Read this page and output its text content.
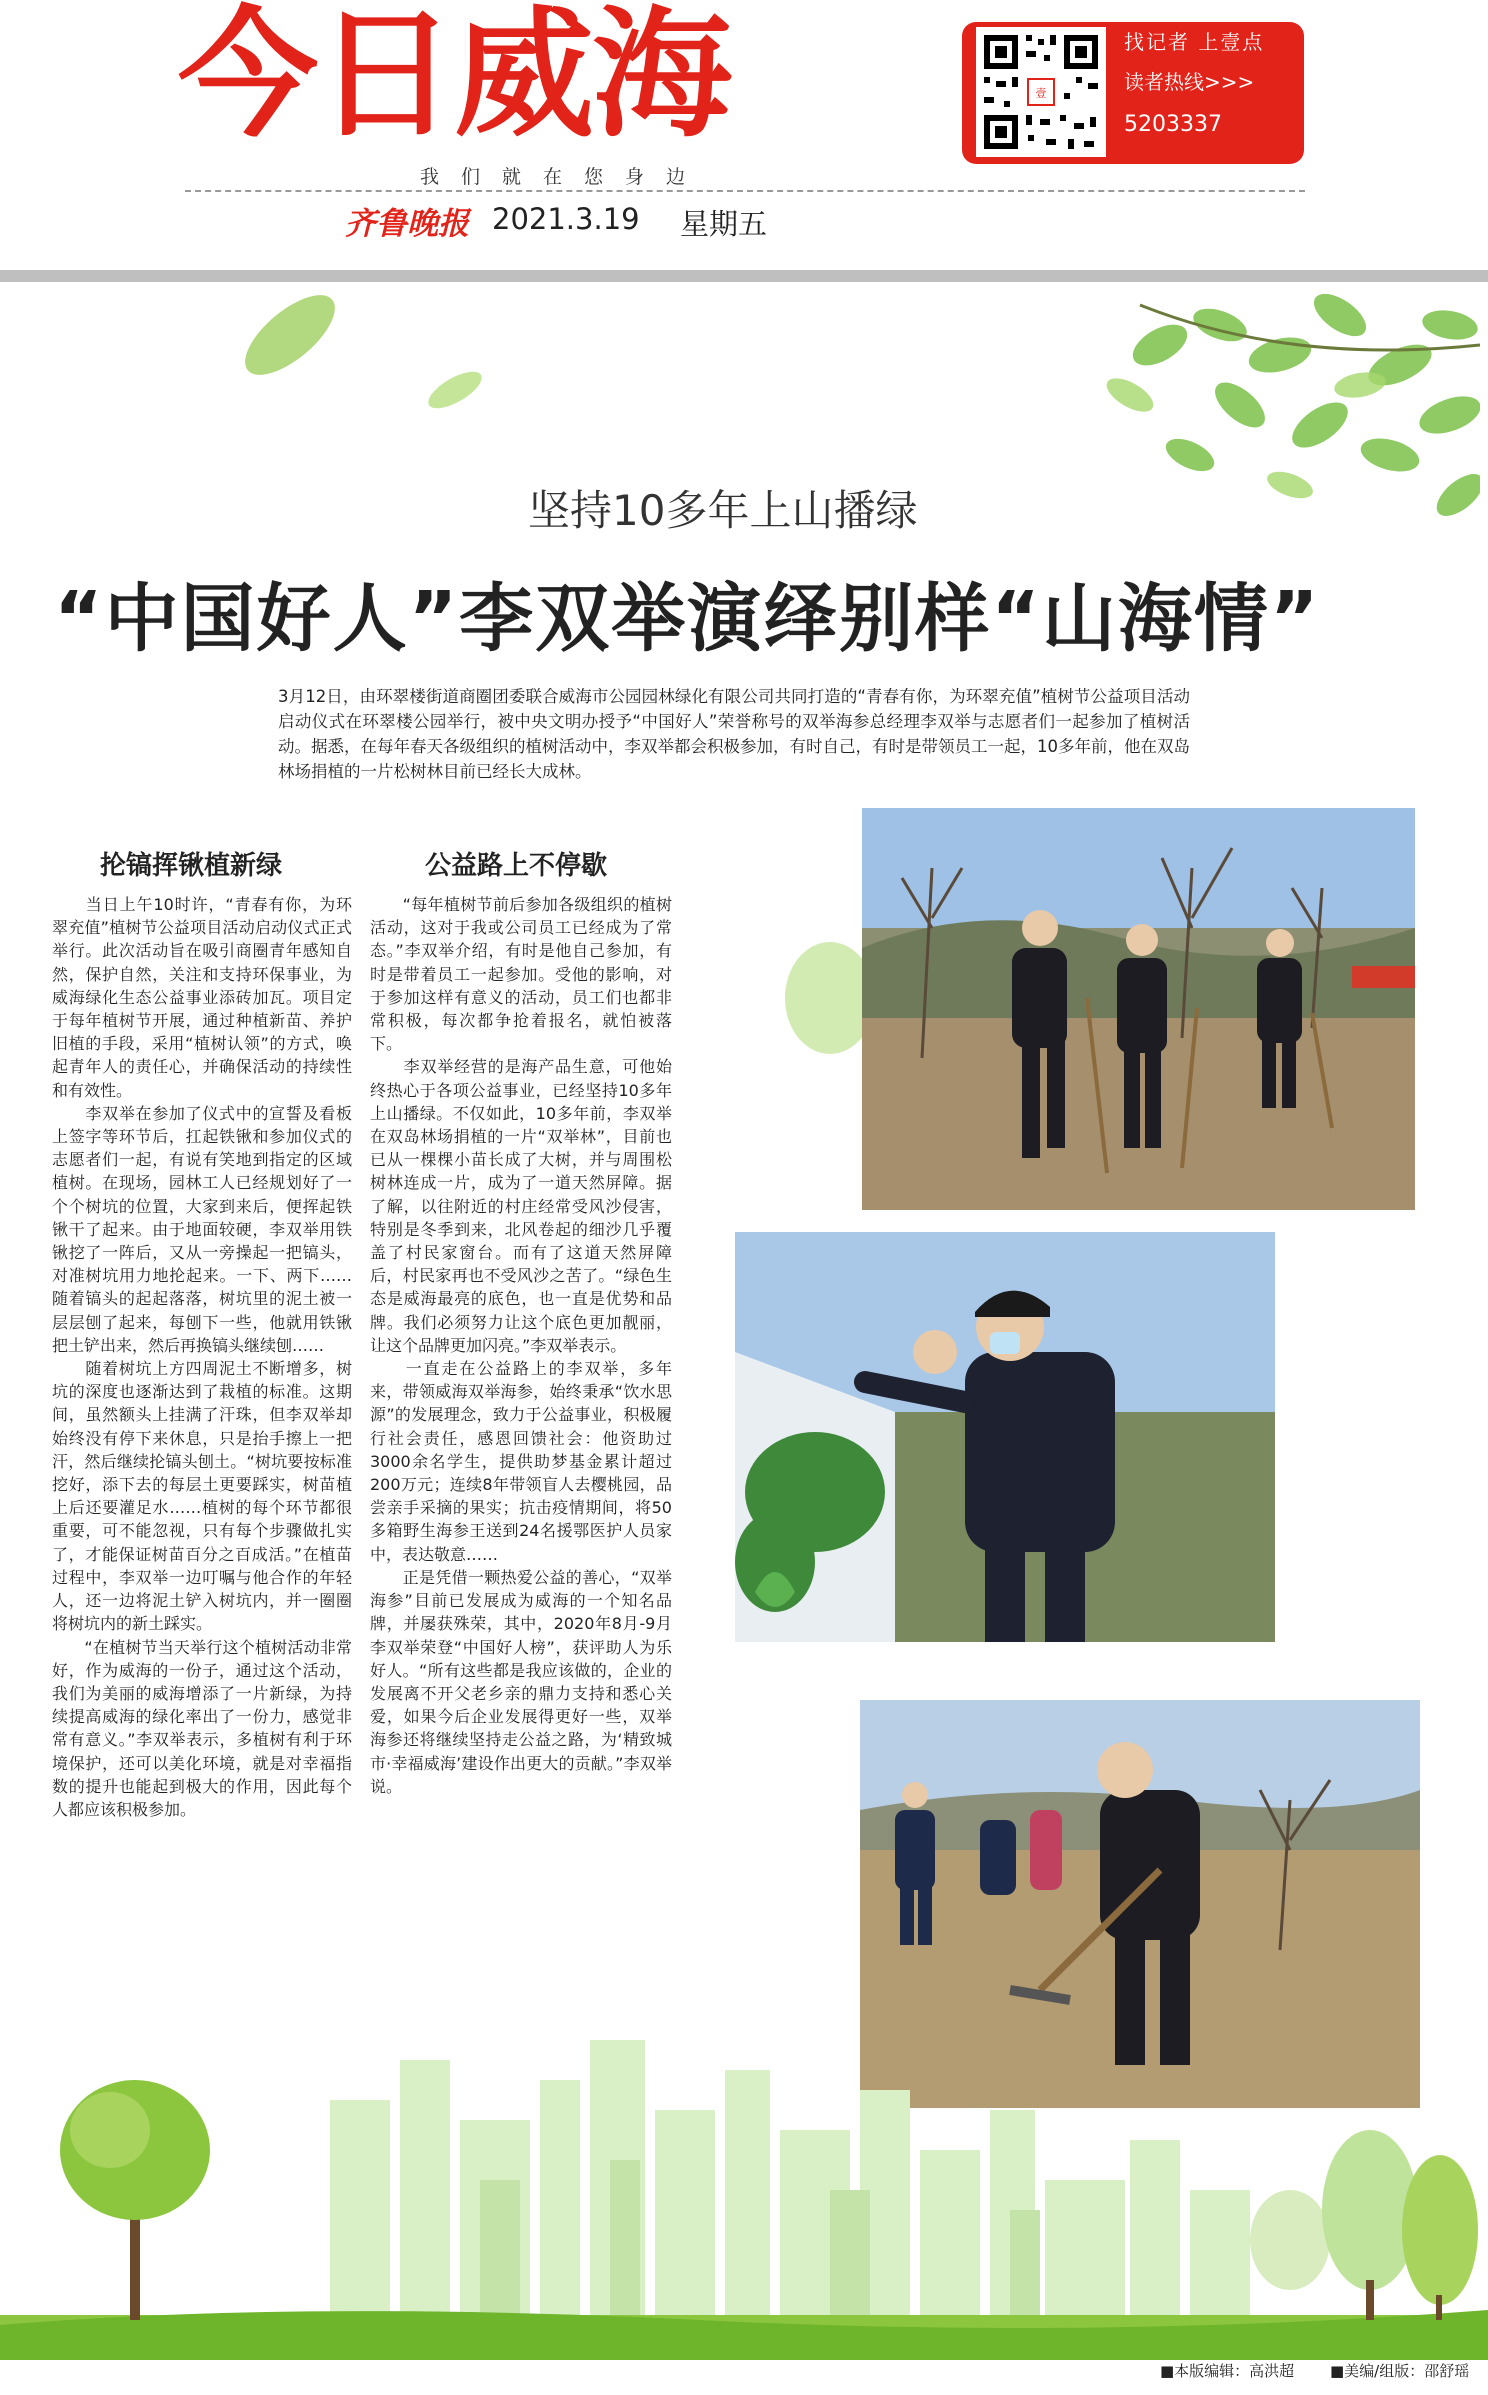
今日威海
我们就在您身边
齐鲁晚报 2021.3.19 星期五
壹
找记者 上壹点
读者热线>>>
5203337
坚持10多年上山播绿
“中国好人”李双举演绎别样“山海情”
3月12日，由环翠楼街道商圈团委联合威海市公园园林绿化有限公司共同打造的“青春有你，为环翠充值”植树节公益项目活动启动仪式在环翠楼公园举行，被中央文明办授予“中国好人”荣誉称号的双举海参总经理李双举与志愿者们一起参加了植树活动。据悉，在每年春天各级组织的植树活动中，李双举都会积极参加，有时自己，有时是带领员工一起，10多年前，他在双岛林场捐植的一片松树林目前已经长大成林。
抡镐挥锹植新绿	公益路上不停歇
　　当日上午10时许，“青春有你，为环翠充值”植树节公益项目活动启动仪式正式举行。此次活动旨在吸引商圈青年感知自然，保护自然，关注和支持环保事业，为威海绿化生态公益事业添砖加瓦。项目定于每年植树节开展，通过种植新苗、养护旧植的手段，采用“植树认领”的方式，唤起青年人的责任心，并确保活动的持续性和有效性。
　　李双举在参加了仪式中的宣誓及看板上签字等环节后，扛起铁锹和参加仪式的志愿者们一起，有说有笑地到指定的区域植树。在现场，园林工人已经规划好了一个个树坑的位置，大家到来后，便挥起铁锹干了起来。由于地面较硬，李双举用铁锹挖了一阵后，又从一旁操起一把镐头，对准树坑用力地抡起来。一下、两下……随着镐头的起起落落，树坑里的泥土被一层层刨了起来，每刨下一些，他就用铁锹把土铲出来，然后再换镐头继续刨……
　　随着树坑上方四周泥土不断增多，树坑的深度也逐渐达到了栽植的标准。这期间，虽然额头上挂满了汗珠，但李双举却始终没有停下来休息，只是抬手擦上一把汗，然后继续抡镐头刨土。“树坑要按标准挖好，添下去的每层土更要踩实，树苗植上后还要灌足水……植树的每个环节都很重要，可不能忽视，只有每个步骤做扎实了，才能保证树苗百分之百成活。”在植苗过程中，李双举一边叮嘱与他合作的年轻人，还一边将泥土铲入树坑内，并一圈圈将树坑内的新土踩实。
　　“在植树节当天举行这个植树活动非常好，作为威海的一份子，通过这个活动，我们为美丽的威海增添了一片新绿，为持续提高威海的绿化率出了一份力，感觉非常有意义。”李双举表示，多植树有利于环境保护，还可以美化环境，就是对幸福指数的提升也能起到极大的作用，因此每个人都应该积极参加。
　　“每年植树节前后参加各级组织的植树活动，这对于我或公司员工已经成为了常态。”李双举介绍，有时是他自己参加，有时是带着员工一起参加。受他的影响，对于参加这样有意义的活动，员工们也都非常积极，每次都争抢着报名，就怕被落下。
　　李双举经营的是海产品生意，可他始终热心于各项公益事业，已经坚持10多年上山播绿。不仅如此，10多年前，李双举在双岛林场捐植的一片“双举林”，目前也已从一棵棵小苗长成了大树，并与周围松树林连成一片，成为了一道天然屏障。据了解，以往附近的村庄经常受风沙侵害，特别是冬季到来，北风卷起的细沙几乎覆盖了村民家窗台。而有了这道天然屏障后，村民家再也不受风沙之苦了。“绿色生态是威海最亮的底色，也一直是优势和品牌。我们必须努力让这个底色更加靓丽，让这个品牌更加闪亮。”李双举表示。
　　一直走在公益路上的李双举，多年来，带领威海双举海参，始终秉承“饮水思源”的发展理念，致力于公益事业，积极履行社会责任，感恩回馈社会：他资助过3000余名学生，提供助梦基金累计超过200万元；连续8年带领盲人去樱桃园，品尝亲手采摘的果实；抗击疫情期间，将50多箱野生海参王送到24名援鄂医护人员家中，表达敬意……
　　正是凭借一颗热爱公益的善心，“双举海参”目前已发展成为威海的一个知名品牌，并屡获殊荣，其中，2020年8月-9月李双举荣登“中国好人榜”，获评助人为乐好人。“所有这些都是我应该做的，企业的发展离不开父老乡亲的鼎力支持和悉心关爱，如果今后企业发展得更好一些，双举海参还将继续坚持走公益之路，为‘精致城市·幸福威海’建设作出更大的贡献。”李双举说。
■本版编辑：高洪超 ■美编/组版：邵舒瑶
